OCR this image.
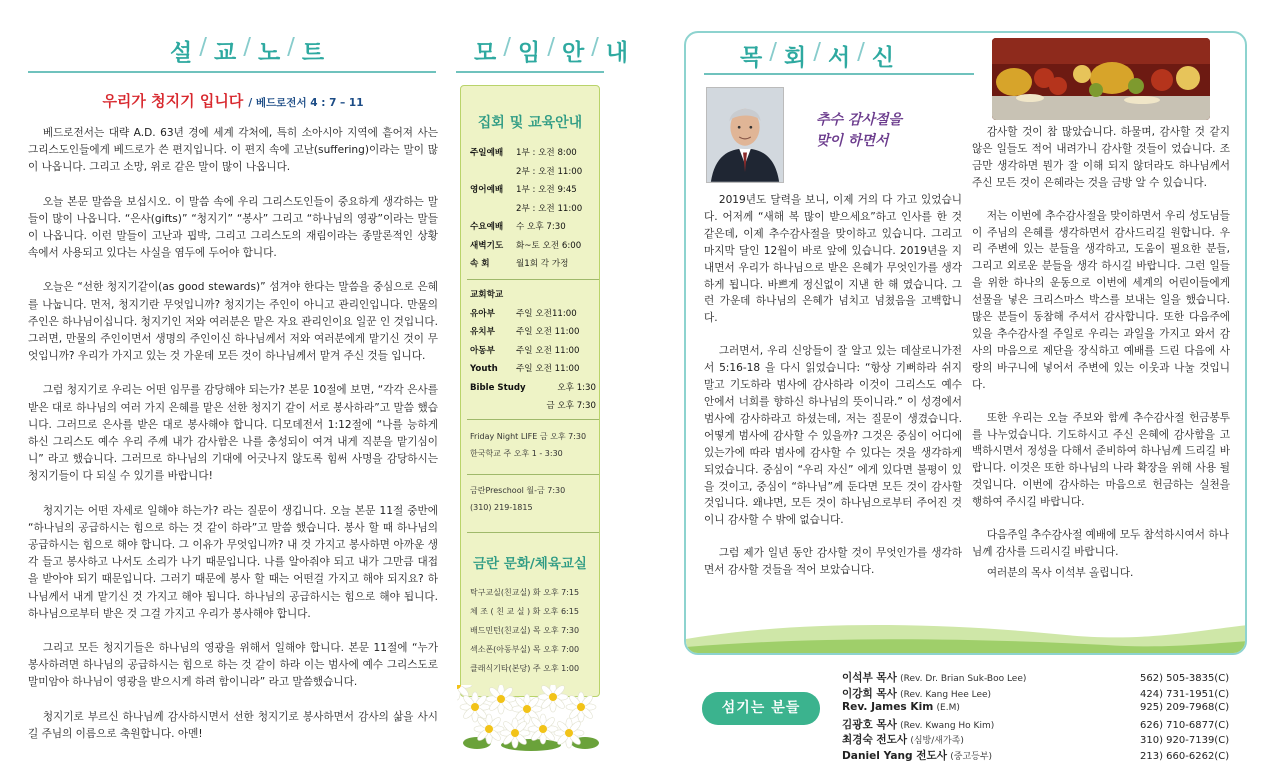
설 / 교 / 노 / 트
우리가 청지기 입니다 / 베드로전서 4 : 7 – 11

베드로전서는 대략 A.D. 63년 경에 세계 각처에, 특히 소아시아 지역에 흩어져 사는 그리스도인들에게 베드로가 쓴 편지입니다. 이 편지 속에 고난(suffering)이라는 말이 많이 나옵니다. 그리고 소망, 위로 같은 말이 많이 나옵니다.

오늘 본문 말씀을 보십시오. 이 말씀 속에 우리 그리스도인들이 중요하게 생각하는 말들이 많이 나옵니다. “은사(gifts)” “청지기” “봉사” 그리고 “하나님의 영광”이라는 말들이 나옵니다. 이런 말들이 고난과 핍박, 그리고 그리스도의 재림이라는 종말론적인 상황 속에서 사용되고 있다는 사실을 염두에 두어야 합니다.

오늘은 “선한 청지기같이(as good stewards)” 섬겨야 한다는 말씀을 중심으로 은혜를 나눕니다. 먼저, 청지기란 무엇입니까? 청지기는 주인이 아니고 관리인입니다. 만물의 주인은 하나님이십니다. 청지기인 저와 여러분은 맡은 자요 관리인이요 일꾼 인 것입니다. 그러면, 만물의 주인이면서 생명의 주인이신 하나님께서 저와 여러분에게 맡기신 것이 무엇입니까? 우리가 가지고 있는 것 가운데 모든 것이 하나님께서 맡겨 주신 것들 입니다.

그럼 청지기로 우리는 어떤 임무를 감당해야 되는가? 본문 10절에 보면, “각각 은사를 받은 대로 하나님의 여러 가지 은혜를 맡은 선한 청지기 같이 서로 봉사하라”고 말씀 했습니다. 그러므로 은사를 받은 대로 봉사해야 합니다. 디모데전서 1:12절에 “나를 능하게 하신 그리스도 예수 우리 주께 내가 감사함은 나를 충성되이 여겨 내게 직분을 맡기심이니” 라고 했습니다. 그러므로 하나님의 기대에 어긋나지 않도록 힘써 사명을 감당하시는 청지기들이 다 되실 수 있기를 바랍니다!

청지기는 어떤 자세로 일해야 하는가? 라는 질문이 생깁니다. 오늘 본문 11절 중반에 “하나님의 공급하시는 힘으로 하는 것 같이 하라”고 말씀 했습니다. 봉사 할 때 하나님의 공급하시는 힘으로 해야 합니다. 그 이유가 무엇입니까? 내 것 가지고 봉사하면 아까운 생각 들고 봉사하고 나서도 소리가 나기 때문입니다. 나를 알아줘야 되고 내가 그만큼 대접을 받아야 되기 때문입니다. 그러기 때문에 봉사 할 때는 어떤걸 가지고 해야 되지요? 하나님께서 내게 맡기신 것 가지고 해야 됩니다. 하나님의 공급하시는 힘으로 해야 됩니다. 하나님으로부터 받은 것 그걸 가지고 우리가 봉사해야 합니다.

그리고 모든 청지기들은 하나님의 영광을 위해서 일해야 합니다. 본문 11절에 “누가 봉사하려면 하나님의 공급하시는 힘으로 하는 것 같이 하라 이는 범사에 예수 그리스도로 말미암아 하나님이 영광을 받으시게 하려 함이니라” 라고 말씀했습니다.

청지기로 부르신 하나님께 감사하시면서 선한 청지기로 봉사하면서 감사의 삶을 사시길 주님의 이름으로 축원합니다. 아멘!

모 / 임 / 안 / 내
집회 및 교육안내
주일예배	1부 : 오전 8:00
2부 : 오전 11:00
영어예배	1부 : 오전 9:45
2부 : 오전 11:00
수요예배	수 오후 7:30
새벽기도	화~토 오전 6:00
속 회	월1회 각 가정
교회학교
유아부	주일 오전11:00
유치부	주일 오전 11:00
아동부	주일 오전 11:00
Youth	주일 오전 11:00
Bible Study	오후 1:30
금 오후 7:30
Friday Night LIFE 금 오후 7:30
한국학교 주 오후 1 - 3:30
금란Preschool 월-금 7:30
(310) 219-1815
금란 문화/체육교실
탁구교실(친교실) 화 오후 7:15
체 조 ( 친 교 실 ) 화 오후 6:15
배드민턴(친교실) 목 오후 7:30
섹소폰(아동부실) 목 오후 7:00
클래식기타(본당) 주 오후 1:00
목 / 회 / 서 / 신
추수 감사절을
맞이 하면서

2019년도 달력을 보니, 이제 거의 다 가고 있었습니다. 어저께 “새해 복 많이 받으세요”하고 인사를 한 것 같은데, 이제 추수감사절을 맞이하고 있습니다. 그리고 마지막 달인 12월이 바로 앞에 있습니다. 2019년을 지내면서 우리가 하나님으로 받은 은혜가 무엇인가를 생각하게 됩니다. 바쁘게 정신없이 지낸 한 해 였습니다. 그런 가운데 하나님의 은혜가 넘치고 넘쳤음을 고백합니다.

그러면서, 우리 신앙들이 잘 알고 있는 데살로니가전서 5:16-18 을 다시 읽었습니다: “항상 기뻐하라 쉬지 말고 기도하라 범사에 감사하라 이것이 그리스도 예수 안에서 너희를 향하신 하나님의 뜻이니라.” 이 성경에서 범사에 감사하라고 하셨는데, 저는 질문이 생겼습니다. 어떻게 범사에 감사할 수 있을까? 그것은 중심이 어디에 있는가에 따라 범사에 감사할 수 있다는 것을 생각하게 되었습니다. 중심이 “우리 자신” 에게 있다면 불평이 있을 것이고, 중심이 “하나님”께 둔다면 모든 것이 감사할 것입니다. 왜냐면, 모든 것이 하나님으로부터 주어진 것이니 감사할 수 밖에 없습니다.

그럼 제가 일년 동안 감사할 것이 무엇인가를 생각하면서 감사할 것들을 적어 보았습니다.

감사할 것이 참 많았습니다. 하물며, 감사할 것 같지 않은 일들도 적어 내려가니 감사할 것들이 었습니다. 조금만 생각하면 뭔가 잘 이해 되지 않더라도 하나님께서 주신 모든 것이 은혜라는 것을 금방 알 수 있습니다.

저는 이번에 추수감사절을 맞이하면서 우리 성도님들이 주님의 은혜를 생각하면서 감사드리길 원합니다. 우리 주변에 있는 분들을 생각하고, 도움이 필요한 분들, 그리고 외로운 분들을 생각 하시길 바랍니다. 그런 일들을 위한 하나의 운동으로 이번에 세계의 어린이들에게 선물을 넣은 크리스마스 박스를 보내는 일을 했습니다. 많은 분들이 동참해 주셔서 감사합니다. 또한 다음주에 있을 추수감사절 주일로 우리는 과일을 가지고 와서 감사의 마음으로 제단을 장식하고 예배를 드린 다음에 사랑의 바구니에 넣어서 주변에 있는 이웃과 나눌 것입니다.

또한 우리는 오늘 주보와 함께 추수감사절 헌금봉투를 나누었습니다. 기도하시고 주신 은혜에 감사함을 고백하시면서 정성을 다해서 준비하여 하나님께 드리길 바랍니다. 이것은 또한 하나님의 나라 확장을 위해 사용 될 것입니다. 이번에 감사하는 마음으로 헌금하는 실천을 행하여 주시길 바랍니다.

다음주일 추수감사절 예배에 모두 참석하시여서 하나님께 감사를 드리시길 바랍니다.

여러분의 목사 이석부 올립니다.

섬기는 분들
이석부 목사 (Rev. Dr. Brian Suk-Boo Lee)	562) 505-3835(C)
이강희 목사 (Rev. Kang Hee Lee)	424) 731-1951(C)
Rev. James Kim (E.M)	925) 209-7968(C)
김광호 목사 (Rev. Kwang Ho Kim)	626) 710-6877(C)
최경숙 전도사 (심방/새가족)	310) 920-7139(C)
Daniel Yang 전도사 (중고등부)	213) 660-6262(C)
